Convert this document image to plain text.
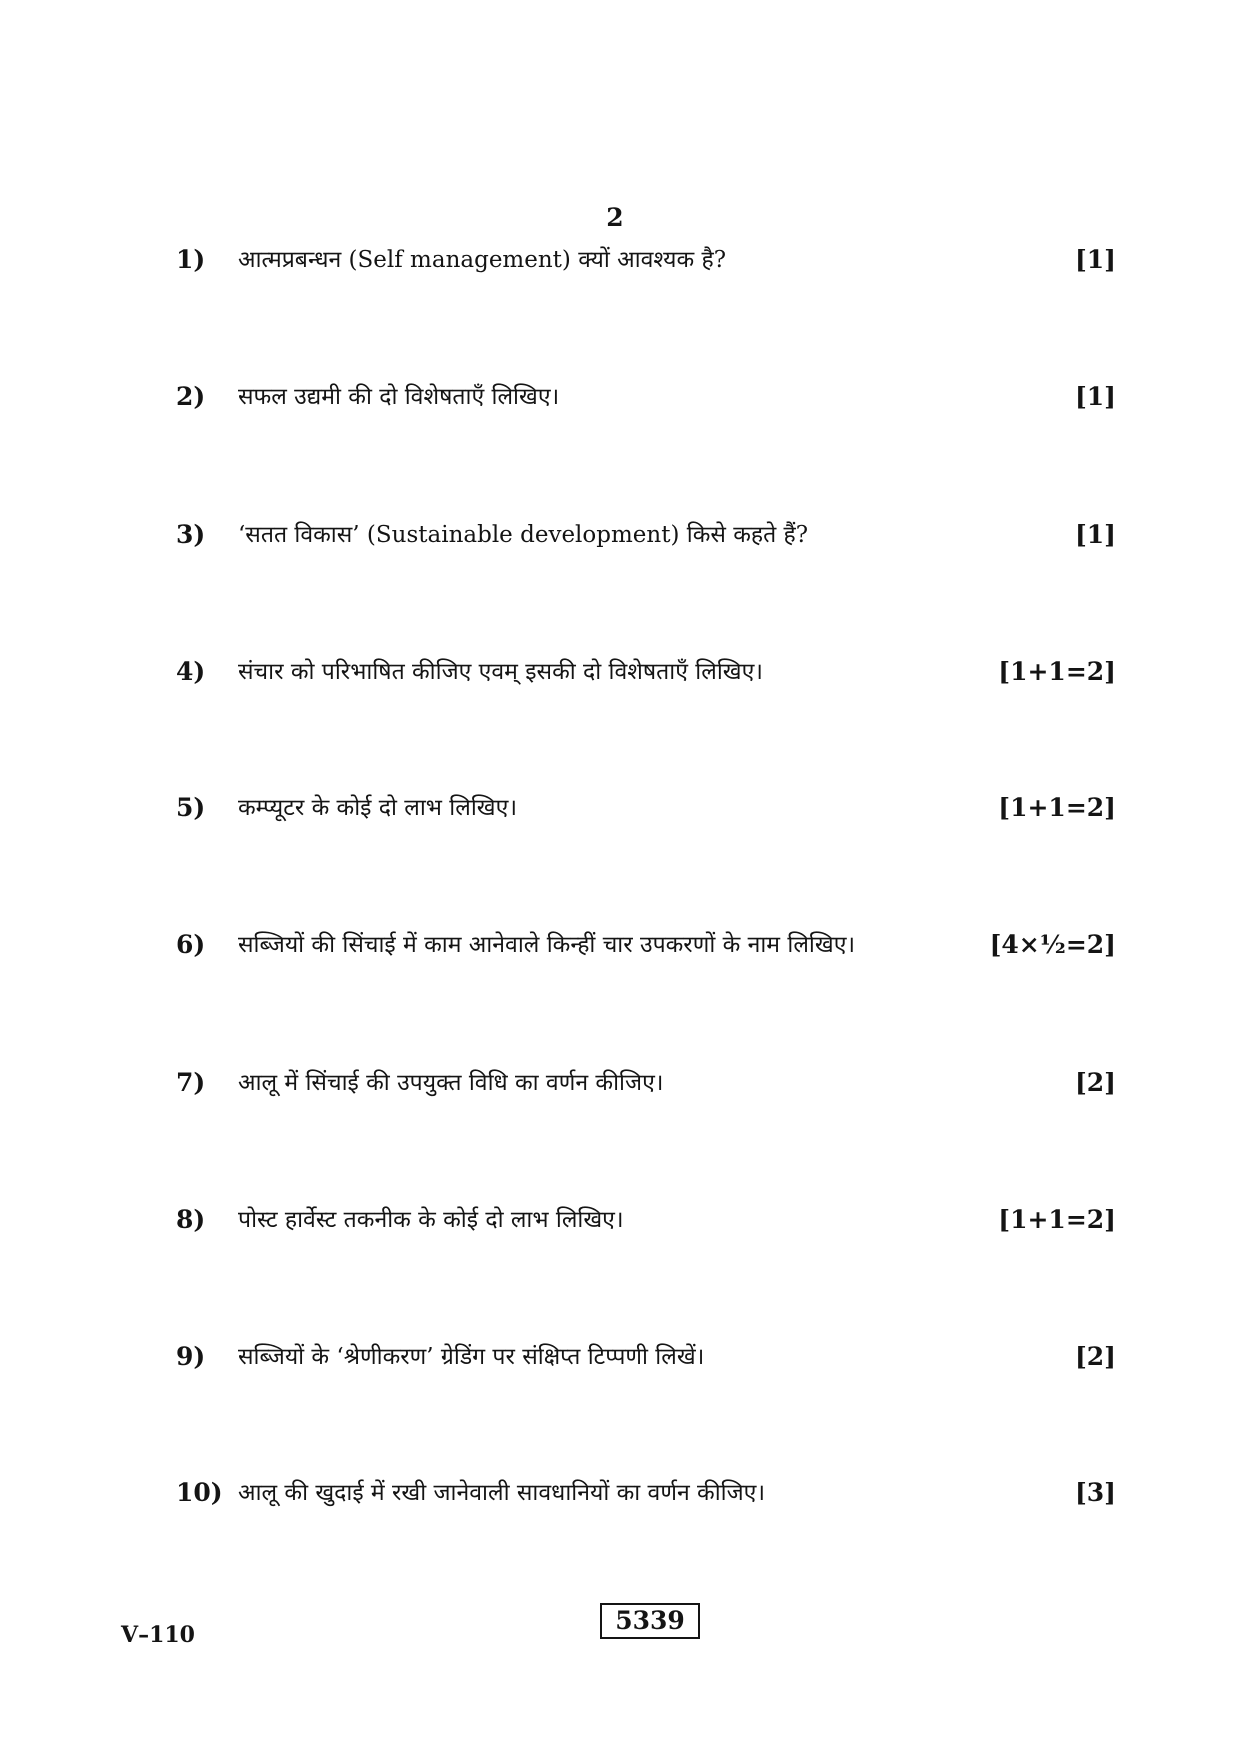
2
1) आत्मप्रबन्धन (Self management) क्यों आवश्यक है?	[1]
2) सफल उद्यमी की दो विशेषताएँ लिखिए।	[1]
3) ‘सतत विकास’ (Sustainable development) किसे कहते हैं?	[1]
4) संचार को परिभाषित कीजिए एवम् इसकी दो विशेषताएँ लिखिए।	[1+1=2]
5) कम्प्यूटर के कोई दो लाभ लिखिए।	[1+1=2]
6) सब्जियों की सिंचाई में काम आनेवाले किन्हीं चार उपकरणों के नाम लिखिए।	[4×½=2]
7) आलू में सिंचाई की उपयुक्त विधि का वर्णन कीजिए।	[2]
8) पोस्ट हार्वेस्ट तकनीक के कोई दो लाभ लिखिए।	[1+1=2]
9) सब्जियों के ‘श्रेणीकरण’ ग्रेडिंग पर संक्षिप्त टिप्पणी लिखें।	[2]
10) आलू की खुदाई में रखी जानेवाली सावधानियों का वर्णन कीजिए।	[3]
V–110	5339
